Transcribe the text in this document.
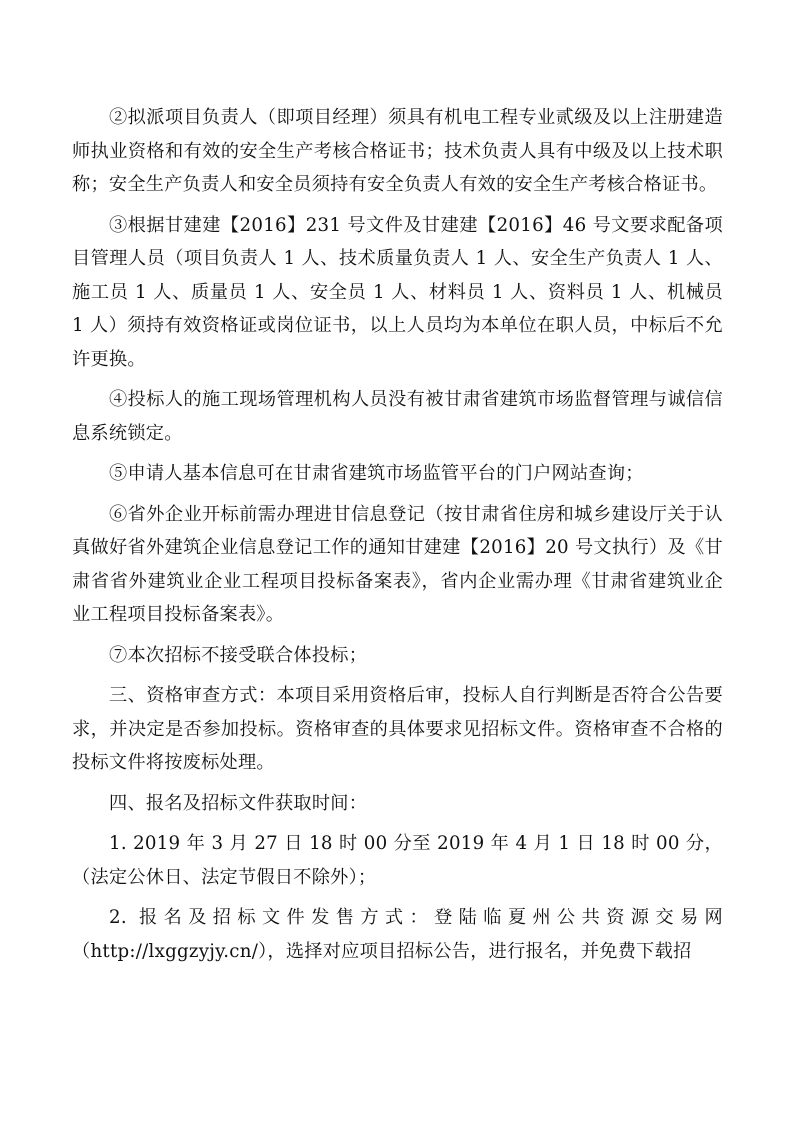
②拟派项目负责人（即项目经理）须具有机电工程专业贰级及以上注册建造师执业资格和有效的安全生产考核合格证书；技术负责人具有中级及以上技术职称；安全生产负责人和安全员须持有安全负责人有效的安全生产考核合格证书。

③根据甘建建【2016】231 号文件及甘建建【2016】46 号文要求配备项目管理人员（项目负责人 1 人、技术质量负责人 1 人、安全生产负责人 1 人、施工员 1 人、质量员 1 人、安全员 1 人、材料员 1 人、资料员 1 人、机械员 1 人）须持有效资格证或岗位证书，以上人员均为本单位在职人员，中标后不允许更换。

④投标人的施工现场管理机构人员没有被甘肃省建筑市场监督管理与诚信信息系统锁定。

⑤申请人基本信息可在甘肃省建筑市场监管平台的门户网站查询；

⑥省外企业开标前需办理进甘信息登记（按甘肃省住房和城乡建设厅关于认真做好省外建筑企业信息登记工作的通知甘建建【2016】20 号文执行）及《甘肃省省外建筑业企业工程项目投标备案表》，省内企业需办理《甘肃省建筑业企业工程项目投标备案表》。

⑦本次招标不接受联合体投标；

三、资格审查方式：本项目采用资格后审，投标人自行判断是否符合公告要求，并决定是否参加投标。资格审查的具体要求见招标文件。资格审查不合格的投标文件将按废标处理。

四、报名及招标文件获取时间：

1. 2019 年 3 月 27 日 18 时 00 分至 2019 年 4 月 1 日 18 时 00 分，（法定公休日、法定节假日不除外）；

2. 报名及招标文件发售方式：登陆临夏州公共资源交易网（http://lxggzyjy.cn/），选择对应项目招标公告，进行报名，并免费下载招
